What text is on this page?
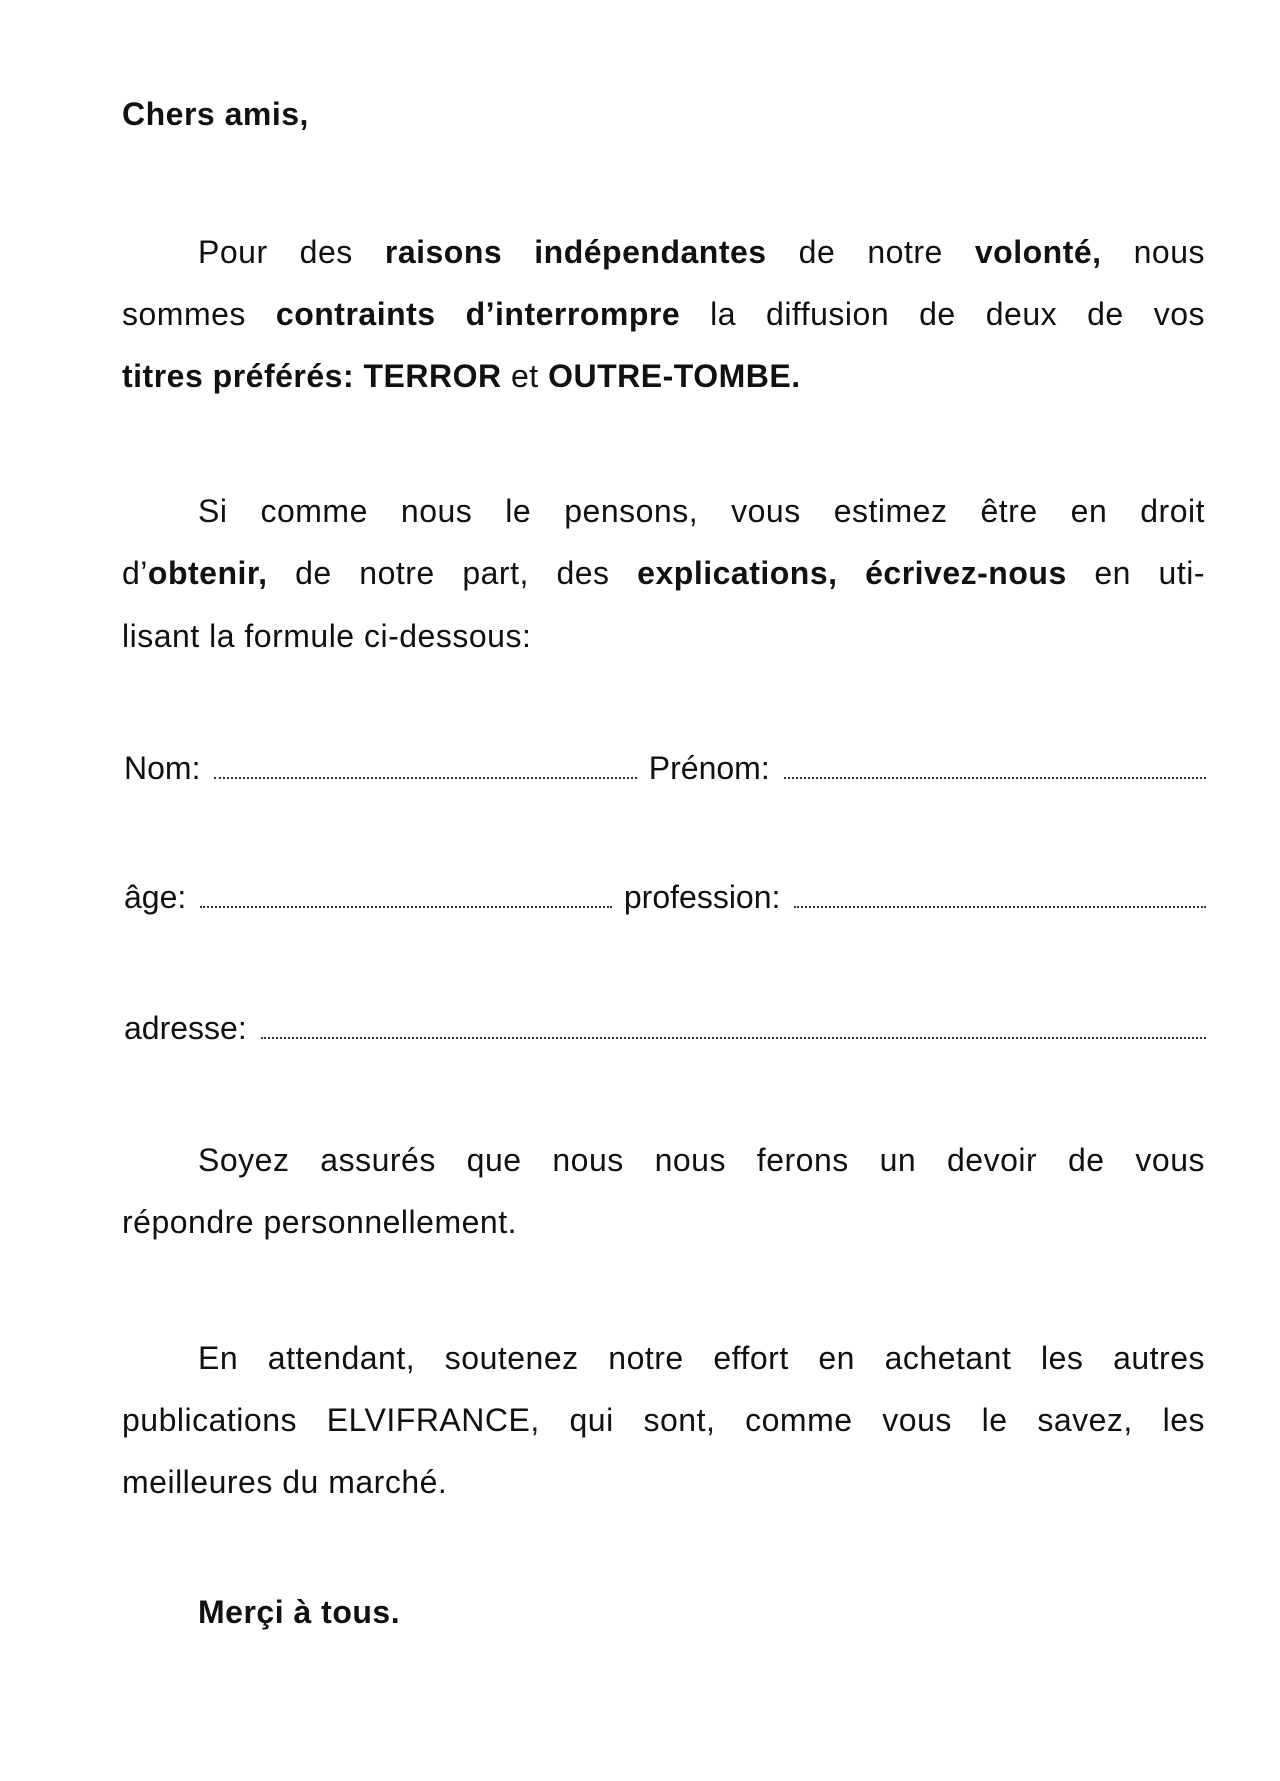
Chers amis,
Pour des raisons indépendantes de notre volonté, nous
sommes contraints d’interrompre la diffusion de deux de vos
titres préférés: TERROR et OUTRE-TOMBE.
Si comme nous le pensons, vous estimez être en droit
d’obtenir, de notre part, des explications, écrivez-nous en uti-
lisant la formule ci-dessous:
Nom:	Prénom:
âge:	profession:
adresse:
Soyez assurés que nous nous ferons un devoir de vous
répondre personnellement.
En attendant, soutenez notre effort en achetant les autres
publications ELVIFRANCE, qui sont, comme vous le savez, les
meilleures du marché.
Merçi à tous.
